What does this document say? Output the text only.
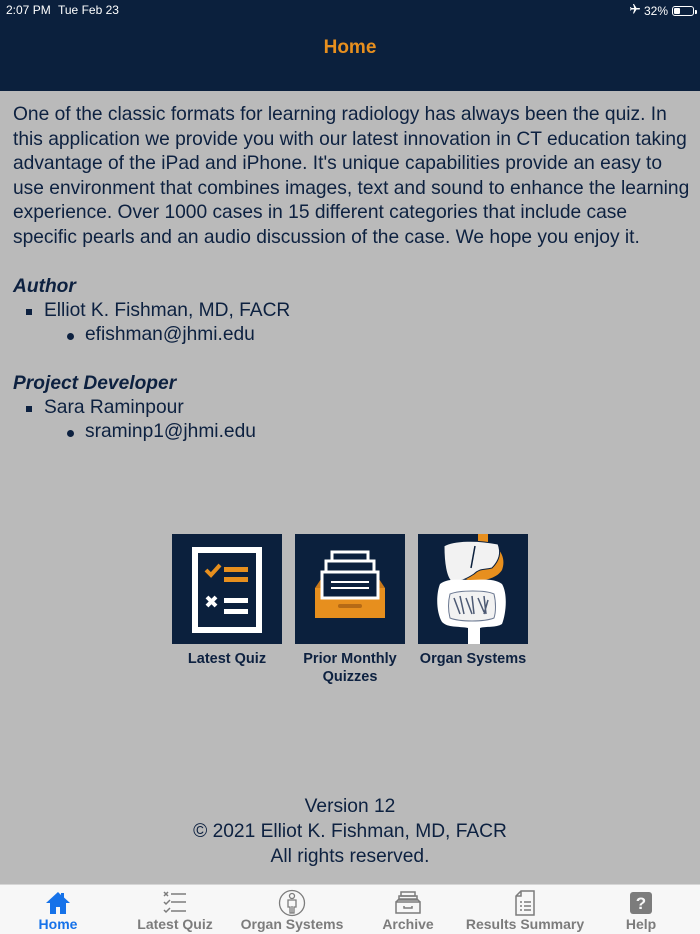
2:07 PM Tue Feb 23	32%
Home

One of the classic formats for learning radiology has always been the quiz. In this application we provide you with our latest innovation in CT education taking advantage of the iPad and iPhone. It's unique capabilities provide an easy to use environment that combines images, text and sound to enhance the learning experience. Over 1000 cases in 15 different categories that include case specific pearls and an audio discussion of the case. We hope you enjoy it.

Author
Elliot K. Fishman, MD, FACR
efishman@jhmi.edu
Project Developer
Sara Raminpour
sraminp1@jhmi.edu
Latest Quiz	Prior Monthly
Quizzes
Organ Systems
Version 12
© 2021 Elliot K. Fishman, MD, FACR
All rights reserved.
Home	Latest Quiz Organ Systems	Archive Results Summary
?
Help
